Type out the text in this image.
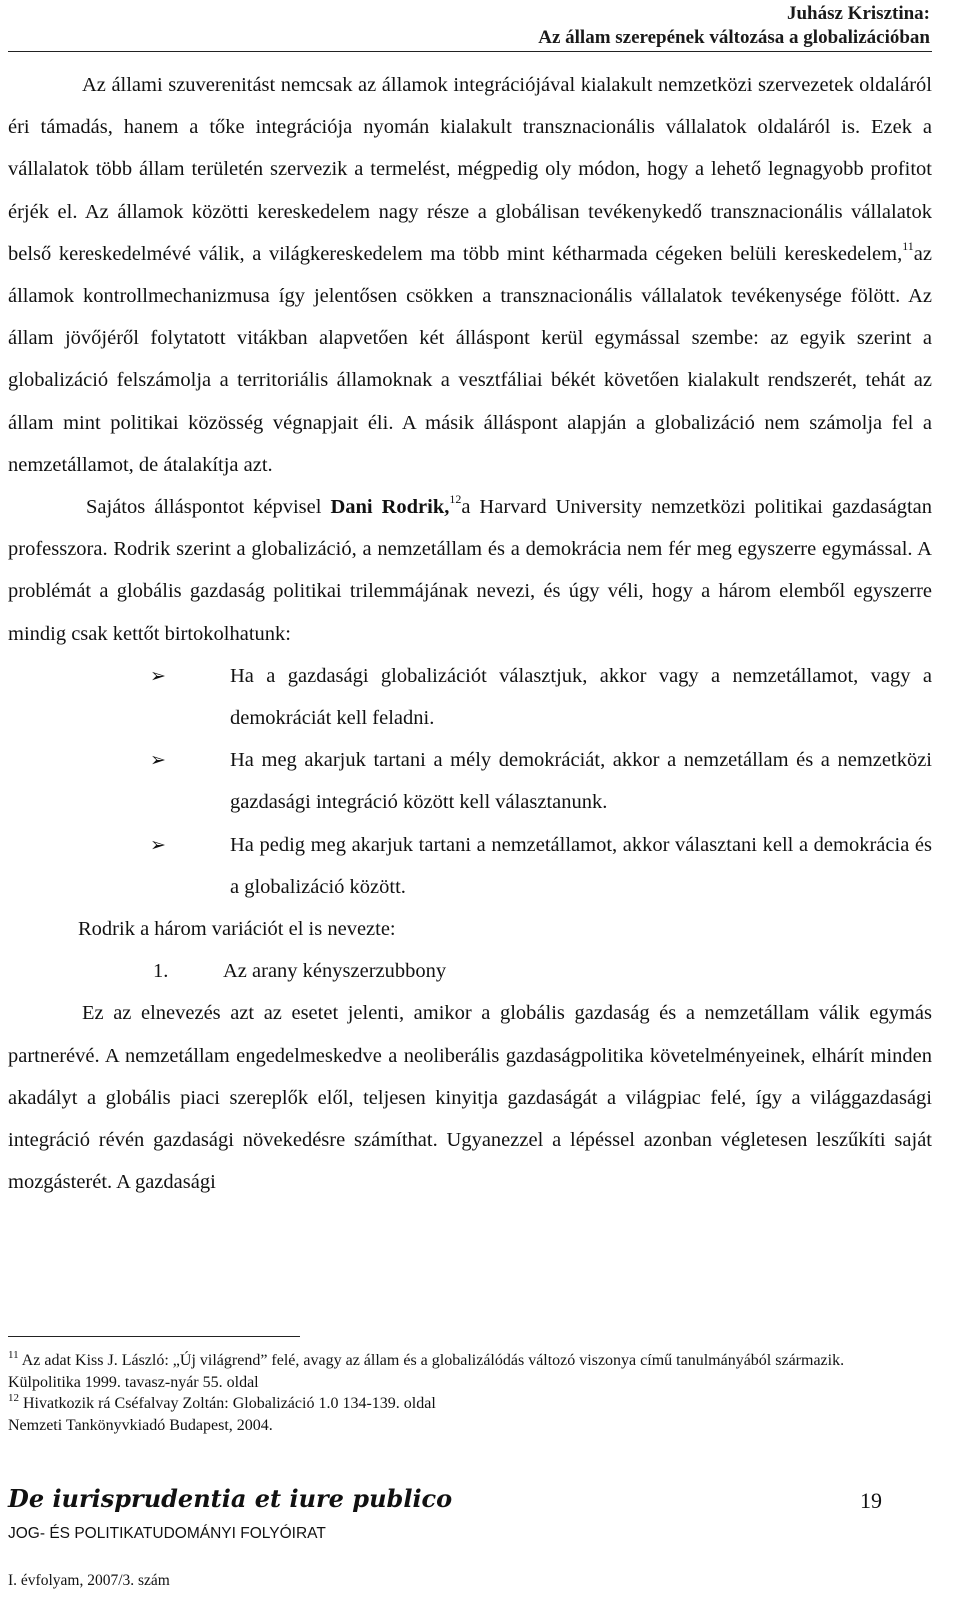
Juhász Krisztina:
Az állam szerepének változása a globalizációban

Az állami szuverenitást nemcsak az államok integrációjával kialakult nemzetközi szervezetek oldaláról éri támadás, hanem a tőke integrációja nyomán kialakult transznacionális vállalatok oldaláról is. Ezek a vállalatok több állam területén szervezik a termelést, mégpedig oly módon, hogy a lehető legnagyobb profitot érjék el. Az államok közötti kereskedelem nagy része a globálisan tevékenykedő transznacionális vállalatok belső kereskedelmévé válik, a világkereskedelem ma több mint kétharmada cégeken belüli kereskedelem,$^{11}$az államok kontrollmechanizmusa így jelentősen csökken a transznacionális vállalatok tevékenysége fölött. Az állam jövőjéről folytatott vitákban alapvetően két álláspont kerül egymással szembe: az egyik szerint a globalizáció felszámolja a territoriális államoknak a vesztfáliai békét követően kialakult rendszerét, tehát az állam mint politikai közösség végnapjait éli. A másik álláspont alapján a globalizáció nem számolja fel a nemzetállamot, de átalakítja azt.

Sajátos álláspontot képvisel Dani Rodrik,$^{12}$a Harvard University nemzetközi politikai gazdaságtan professzora. Rodrik szerint a globalizáció, a nemzetállam és a demokrácia nem fér meg egyszerre egymással. A problémát a globális gazdaság politikai trilemmájának nevezi, és úgy véli, hogy a három elemből egyszerre mindig csak kettőt birtokolhatunk:

➢	Ha a gazdasági globalizációt választjuk, akkor vagy a nemzetállamot, vagy a demokráciát kell feladni.
➢	Ha meg akarjuk tartani a mély demokráciát, akkor a nemzetállam és a nemzetközi gazdasági integráció között kell választanunk.
➢	Ha pedig meg akarjuk tartani a nemzetállamot, akkor választani kell a demokrácia és a globalizáció között.

Rodrik a három variációt el is nevezte:

1.	Az arany kényszerzubbony

Ez az elnevezés azt az esetet jelenti, amikor a globális gazdaság és a nemzetállam válik egymás partnerévé. A nemzetállam engedelmeskedve a neoliberális gazdaságpolitika követelményeinek, elhárít minden akadályt a globális piaci szereplők elől, teljesen kinyitja gazdaságát a világpiac felé, így a világgazdasági integráció révén gazdasági növekedésre számíthat. Ugyanezzel a lépéssel azonban végletesen leszűkíti saját mozgásterét. A gazdasági

$^{11}$ Az adat Kiss J. László: „Új világrend” felé, avagy az állam és a globalizálódás változó viszonya című tanulmányából származik.

Külpolitika 1999. tavasz-nyár 55. oldal

$^{12}$ Hivatkozik rá Cséfalvay Zoltán: Globalizáció 1.0 134-139. oldal

Nemzeti Tankönyvkiadó Budapest, 2004.

De iurisprudentia et iure publico	19
JOG- ÉS POLITIKATUDOMÁNYI FOLYÓIRAT
I. évfolyam, 2007/3. szám
